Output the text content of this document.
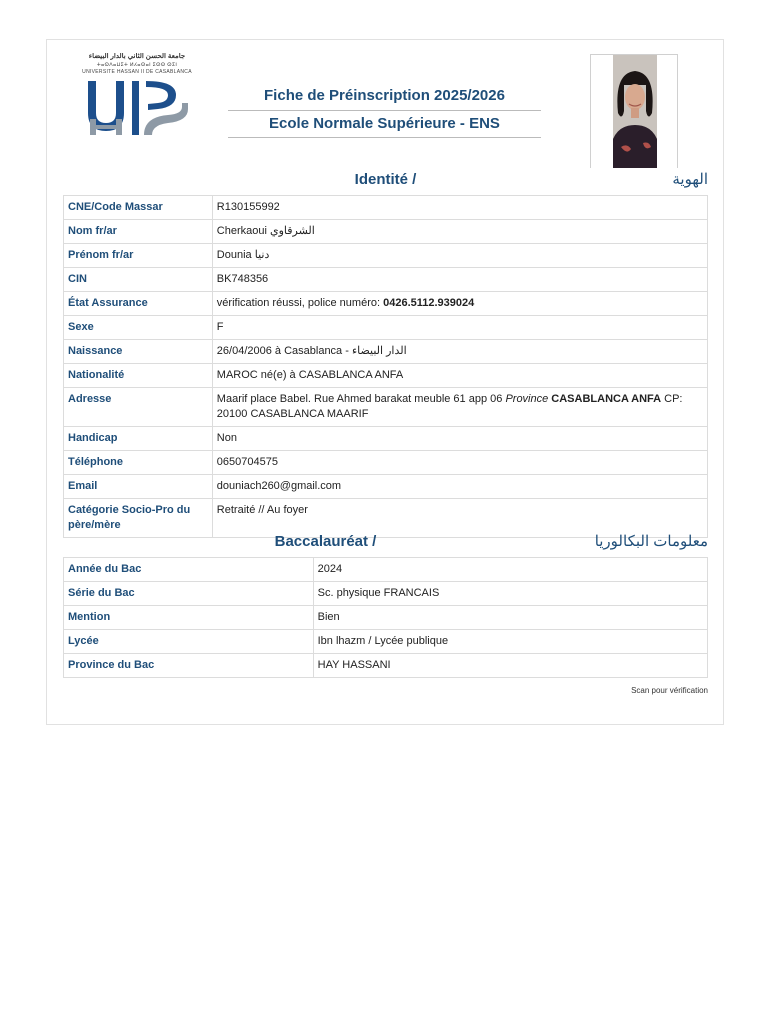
جامعة الحسن الثاني بالدار البيضاء
ⵜⴰⵙⴷⴰⵡⵉⵜ ⵍⵃⴰⵙⴰⵏ ⵉⵙⵙ ⵙⵉⵏ
UNIVERSITÉ HASSAN II DE CASABLANCA
Fiche de Préinscription 2025/2026
Ecole Normale Supérieure - ENS
Identité /	الهوية
CNE/Code Massar	R130155992
Nom fr/ar	Cherkaoui الشرقاوي
Prénom fr/ar	Dounia دنيا
CIN	BK748356
État Assurance	vérification réussi, police numéro: 0426.5112.939024
Sexe	F
Naissance	26/04/2006 à Casablanca - الدار البيضاء
Nationalité	MAROC né(e) à CASABLANCA ANFA
Adresse	Maarif place Babel. Rue Ahmed barakat meuble 61 app 06 Province CASABLANCA ANFA CP: 20100 CASABLANCA MAARIF
Handicap	Non
Téléphone	0650704575
Email	douniach260@gmail.com
Catégorie Socio-Pro du père/mère	Retraité // Au foyer
Baccalauréat /	معلومات البكالوريا
Année du Bac	2024
Série du Bac	Sc. physique FRANCAIS
Mention	Bien
Lycée	Ibn lhazm / Lycée publique
Province du Bac	HAY HASSANI
Scan pour vérification
